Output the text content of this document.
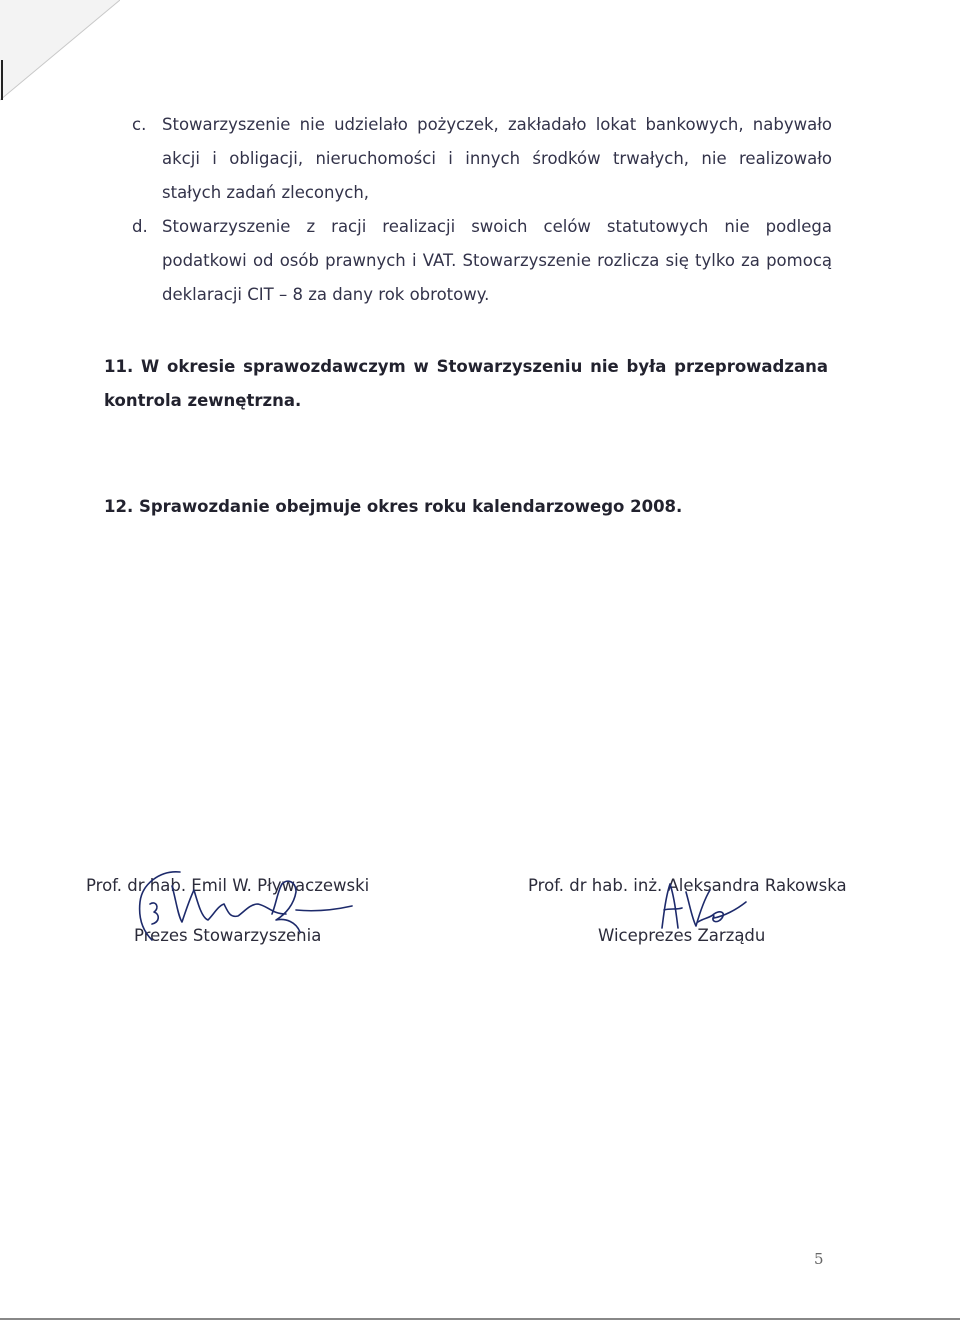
c. Stowarzyszenie nie udzielało pożyczek, zakładało lokat bankowych, nabywało akcji i obligacji, nieruchomości i innych środków trwałych, nie realizowało stałych zadań zleconych,
d. Stowarzyszenie z racji realizacji swoich celów statutowych nie podlega podatkowi od osób prawnych i VAT. Stowarzyszenie rozlicza się tylko za pomocą deklaracji CIT – 8 za dany rok obrotowy.
11. W okresie sprawozdawczym w Stowarzyszeniu nie była przeprowadzana kontrola zewnętrzna.
12. Sprawozdanie obejmuje okres roku kalendarzowego 2008.
Prof. dr hab. Emil W. Pływaczewski
Prezes Stowarzyszenia
Prof. dr hab. inż. Aleksandra Rakowska
Wiceprezes Zarządu
5
